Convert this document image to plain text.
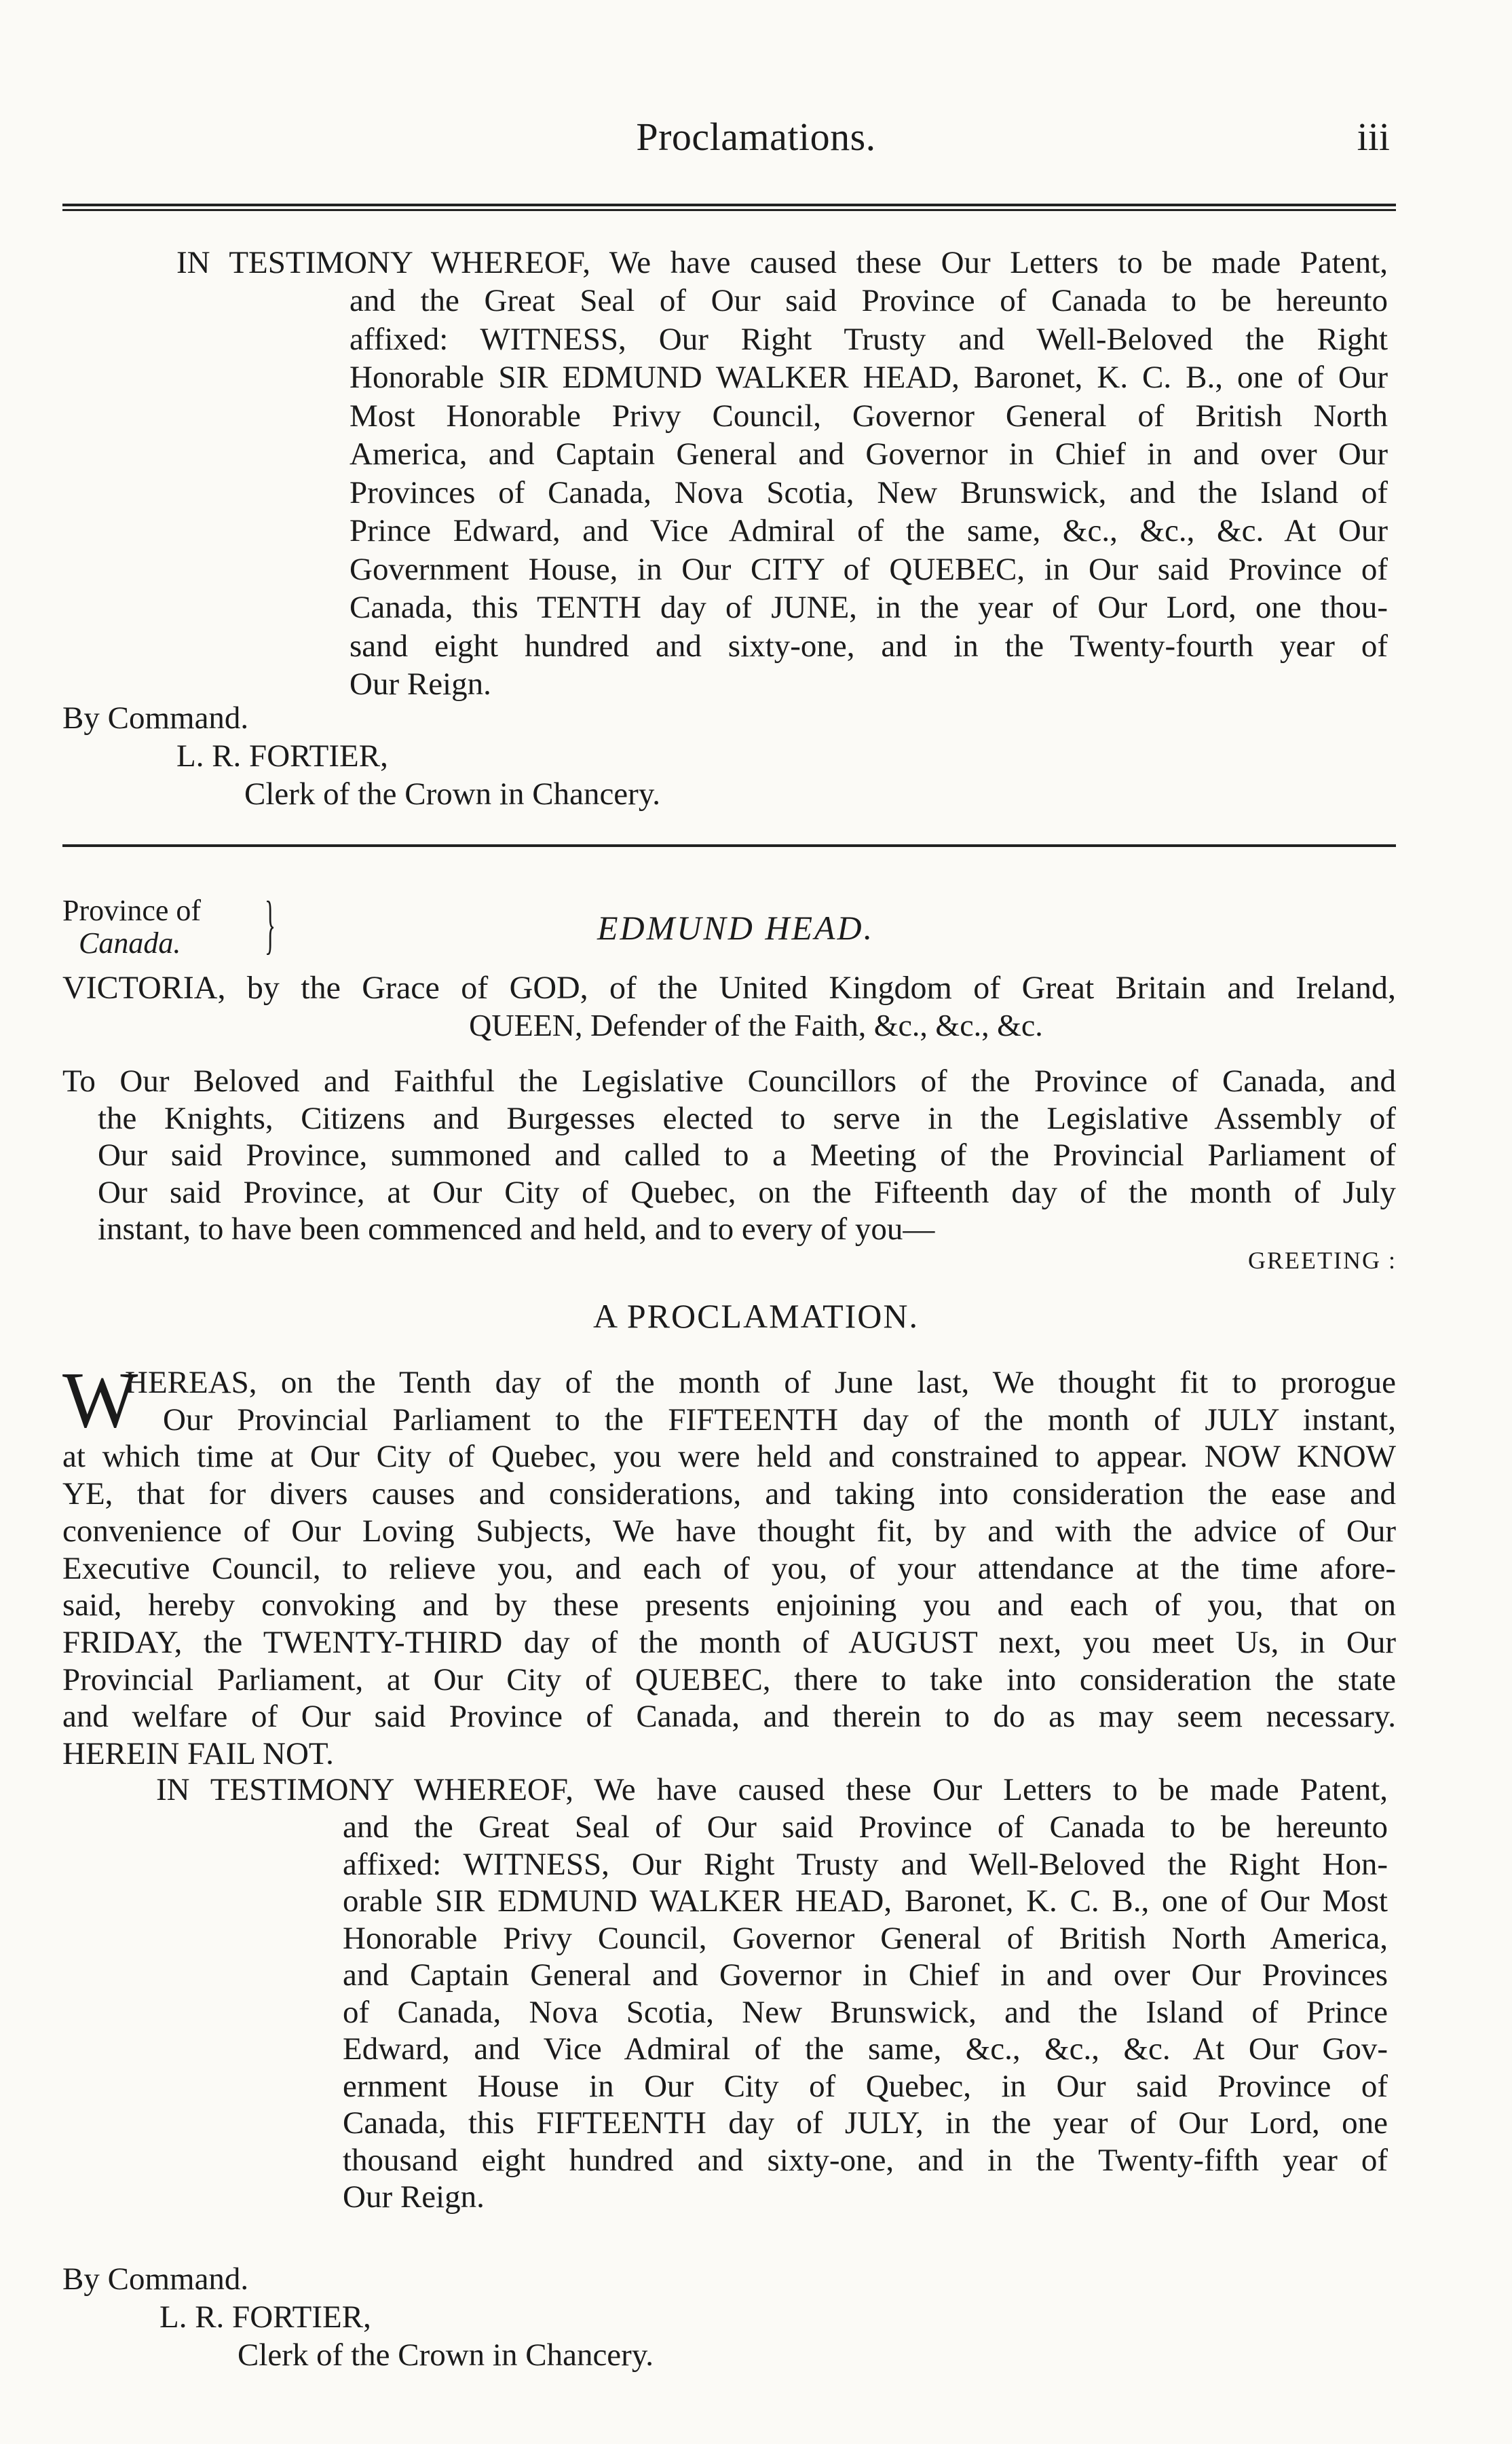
Proclamations.	iii
IN TESTIMONY WHEREOF, We have caused these Our Letters to be made Patent,
and the Great Seal of Our said Province of Canada to be hereunto
affixed: WITNESS, Our Right Trusty and Well-Beloved the Right
Honorable SIR EDMUND WALKER HEAD, Baronet, K. C. B., one of Our
Most Honorable Privy Council, Governor General of British North
America, and Captain General and Governor in Chief in and over Our
Provinces of Canada, Nova Scotia, New Brunswick, and the Island of
Prince Edward, and Vice Admiral of the same, &c., &c., &c. At Our
Government House, in Our CITY of QUEBEC, in Our said Province of
Canada, this TENTH day of JUNE, in the year of Our Lord, one thou-
sand eight hundred and sixty-one, and in the Twenty-fourth year of
Our Reign.
By Command.
L. R. FORTIER,
Clerk of the Crown in Chancery.
Province of
Canada.	}	EDMUND HEAD.
VICTORIA, by the Grace of GOD, of the United Kingdom of Great Britain and Ireland,
QUEEN, Defender of the Faith, &c., &c., &c.
To Our Beloved and Faithful the Legislative Councillors of the Province of Canada, and
the Knights, Citizens and Burgesses elected to serve in the Legislative Assembly of
Our said Province, summoned and called to a Meeting of the Provincial Parliament of
Our said Province, at Our City of Quebec, on the Fifteenth day of the month of July
instant, to have been commenced and held, and to every of you—
GREETING :
A PROCLAMATION.
W
HEREAS, on the Tenth day of the month of June last, We thought fit to prorogue
Our Provincial Parliament to the FIFTEENTH day of the month of JULY instant,
at which time at Our City of Quebec, you were held and constrained to appear. NOW KNOW
YE, that for divers causes and considerations, and taking into consideration the ease and
convenience of Our Loving Subjects, We have thought fit, by and with the advice of Our
Executive Council, to relieve you, and each of you, of your attendance at the time afore-
said, hereby convoking and by these presents enjoining you and each of you, that on
FRIDAY, the TWENTY-THIRD day of the month of AUGUST next, you meet Us, in Our
Provincial Parliament, at Our City of QUEBEC, there to take into consideration the state
and welfare of Our said Province of Canada, and therein to do as may seem necessary.
HEREIN FAIL NOT.
IN TESTIMONY WHEREOF, We have caused these Our Letters to be made Patent,
and the Great Seal of Our said Province of Canada to be hereunto
affixed: WITNESS, Our Right Trusty and Well-Beloved the Right Hon-
orable SIR EDMUND WALKER HEAD, Baronet, K. C. B., one of Our Most
Honorable Privy Council, Governor General of British North America,
and Captain General and Governor in Chief in and over Our Provinces
of Canada, Nova Scotia, New Brunswick, and the Island of Prince
Edward, and Vice Admiral of the same, &c., &c., &c. At Our Gov-
ernment House in Our City of Quebec, in Our said Province of
Canada, this FIFTEENTH day of JULY, in the year of Our Lord, one
thousand eight hundred and sixty-one, and in the Twenty-fifth year of
Our Reign.
By Command.
L. R. FORTIER,
Clerk of the Crown in Chancery.
